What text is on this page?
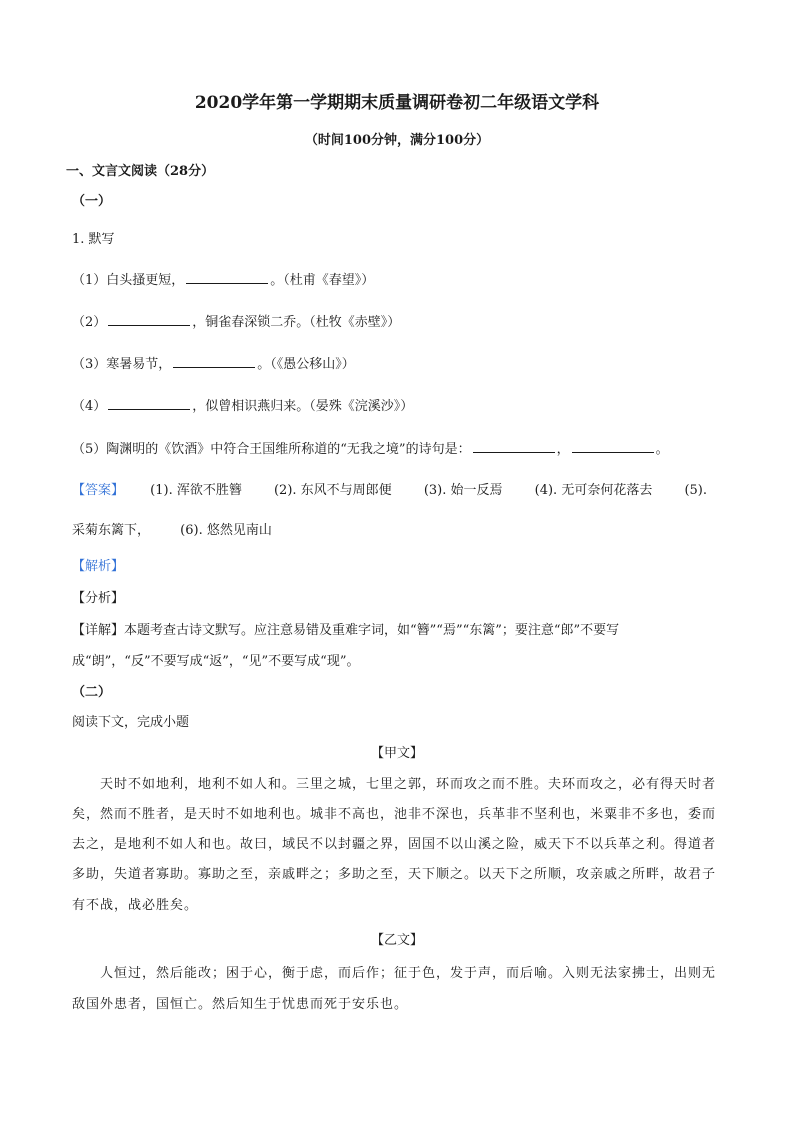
2020学年第一学期期末质量调研卷初二年级语文学科
（时间100分钟，满分100分）
一、文言文阅读（28分）
（一）
1. 默写
（1）白头搔更短，	。（杜甫《春望》）
（2）	，铜雀春深锁二乔。（杜牧《赤壁》）
（3）寒暑易节，	。（《愚公移山》）
（4）	，似曾相识燕归来。（晏殊《浣溪沙》）
（5）陶渊明的《饮酒》中符合王国维所称道的“无我之境”的诗句是：	，	。
【答案】 (1). 浑欲不胜簪 (2). 东风不与周郎便 (3). 始一反焉 (4). 无可奈何花落去 (5).
采菊东篱下， (6). 悠然见南山
【解析】
【分析】
【详解】本题考查古诗文默写。应注意易错及重难字词，如“簪”“焉”“东篱”；要注意“郎”不要写
成“朗”，“反”不要写成“返”，“见”不要写成“现”。
（二）
阅读下文，完成小题
【甲文】
天时不如地利，地利不如人和。三里之城，七里之郭，环而攻之而不胜。夫环而攻之，必有得天时者
矣，然而不胜者，是天时不如地利也。城非不高也，池非不深也，兵革非不坚利也，米粟非不多也，委而
去之，是地利不如人和也。故曰，域民不以封疆之界，固国不以山溪之险，威天下不以兵革之利。得道者
多助，失道者寡助。寡助之至，亲戚畔之；多助之至，天下顺之。以天下之所顺，攻亲戚之所畔，故君子
有不战，战必胜矣。
【乙文】
人恒过，然后能改；困于心，衡于虑，而后作；征于色，发于声，而后喻。入则无法家拂士，出则无
敌国外患者，国恒亡。然后知生于忧患而死于安乐也。
